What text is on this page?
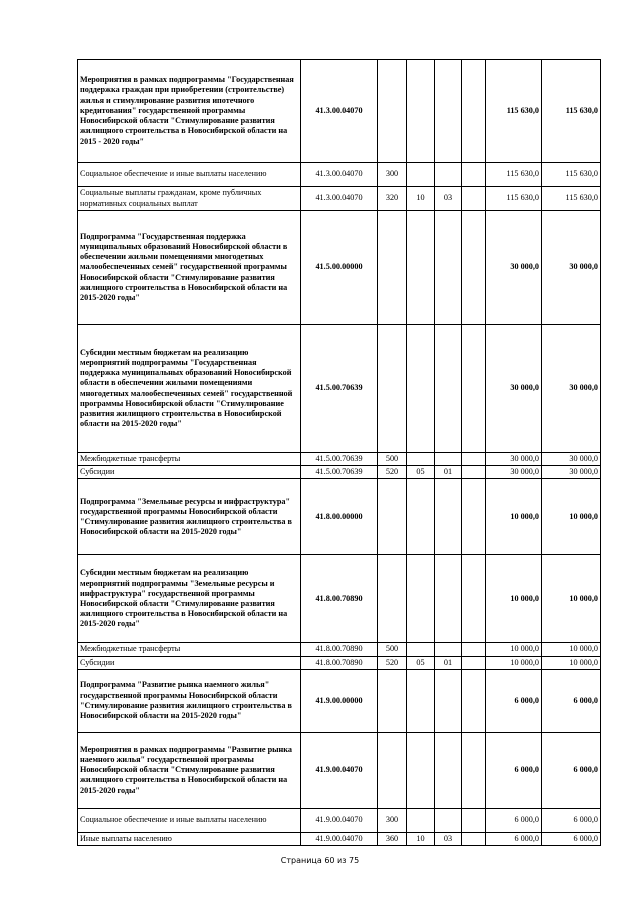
Мероприятия в рамках подпрограммы "Государственная поддержка граждан при приобретении (строительстве) жилья и стимулирование развития ипотечного кредитования" государственной программы Новосибирской области "Стимулирование развития жилищного строительства в Новосибирской области на 2015 - 2020 годы"	41.3.00.04070					115 630,0	115 630,0
Социальное обеспечение и иные выплаты населению	41.3.00.04070	300				115 630,0	115 630,0
Социальные выплаты гражданам, кроме публичных нормативных социальных выплат	41.3.00.04070	320	10	03		115 630,0	115 630,0
Подпрограмма "Государственная поддержка муниципальных образований Новосибирской области в обеспечении жильми помещениями многодетных малообеспеченных семей" государственной программы Новосибирской области "Стимулирование развития жилищного строительства в Новосибирской области на 2015-2020 годы"	41.5.00.00000					30 000,0	30 000,0
Субсидии местным бюджетам на реализацию мероприятий подпрограммы "Государственная поддержка муниципальных образований Новосибирской области в обеспечении жилыми помещениями многодетных малообеспеченных семей" государственной программы Новосибирской области "Стимулирование развития жилищного строительства в Новосибирской области на 2015-2020 годы"	41.5.00.70639					30 000,0	30 000,0
Межбюджетные трансферты	41.5.00.70639	500				30 000,0	30 000,0
Субсидии	41.5.00.70639	520	05	01		30 000,0	30 000,0
Подпрограмма "Земельные ресурсы и инфраструктура" государственной программы Новосибирской области "Стимулирование развития жилищного строительства в Новосибирской области на 2015-2020 годы"	41.8.00.00000					10 000,0	10 000,0
Субсидии местным бюджетам на реализацию мероприятий подпрограммы "Земельные ресурсы и инфраструктура" государственной программы Новосибирской области "Стимулирование развития жилищного строительства в Новосибирской области на 2015-2020 годы"	41.8.00.70890					10 000,0	10 000,0
Межбюджетные трансферты	41.8.00.70890	500				10 000,0	10 000,0
Субсидии	41.8.00.70890	520	05	01		10 000,0	10 000,0
Подпрограмма "Развитие рынка наемного жилья" государственной программы Новосибирской области "Стимулирование развития жилищного строительства в Новосибирской области на 2015-2020 годы"	41.9.00.00000					6 000,0	6 000,0
Мероприятия в рамках подпрограммы "Развитие рынка наемного жилья" государственной программы Новосибирской области "Стимулирование развития жилищного строительства в Новосибирской области на 2015-2020 годы"	41.9.00.04070					6 000,0	6 000,0
Социальное обеспечение и иные выплаты населению	41.9.00.04070	300				6 000,0	6 000,0
Иные выплаты населению	41.9.00.04070	360	10	03		6 000,0	6 000,0
Страница 60 из 75
